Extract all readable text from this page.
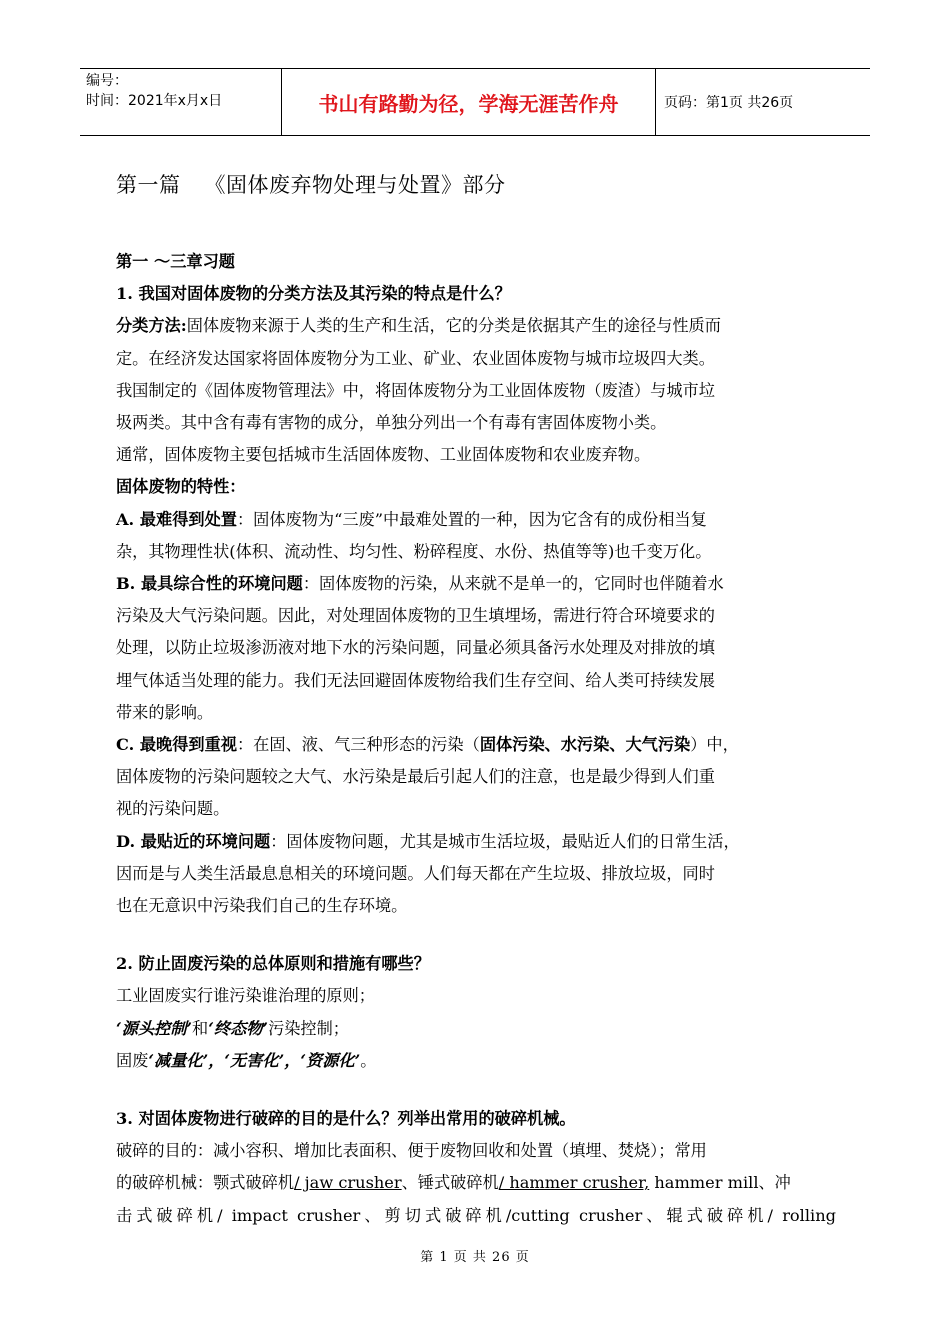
编号：
时间：2021年x月x日	书山有路勤为径，学海无涯苦作舟	页码：第1页 共26页
第一篇 《固体废弃物处理与处置》部分

第一 ～三章习题

1. 我国对固体废物的分类方法及其污染的特点是什么？

分类方法:固体废物来源于人类的生产和生活，它的分类是依据其产生的途径与性质而

定。在经济发达国家将固体废物分为工业、矿业、农业固体废物与城市垃圾四大类。

我国制定的《固体废物管理法》中，将固体废物分为工业固体废物（废渣）与城市垃

圾两类。其中含有毒有害物的成分，单独分列出一个有毒有害固体废物小类。

通常，固体废物主要包括城市生活固体废物、工业固体废物和农业废弃物。

固体废物的特性：

A. 最难得到处置：固体废物为“三废”中最难处置的一种，因为它含有的成份相当复

杂，其物理性状(体积、流动性、均匀性、粉碎程度、水份、热值等等)也千变万化。

B. 最具综合性的环境问题：固体废物的污染，从来就不是单一的，它同时也伴随着水

污染及大气污染问题。因此，对处理固体废物的卫生填埋场，需进行符合环境要求的

处理，以防止垃圾渗沥液对地下水的污染问题，同量必须具备污水处理及对排放的填

埋气体适当处理的能力。我们无法回避固体废物给我们生存空间、给人类可持续发展

带来的影响。

C. 最晚得到重视：在固、液、气三种形态的污染（固体污染、水污染、大气污染）中，

固体废物的污染问题较之大气、水污染是最后引起人们的注意，也是最少得到人们重

视的污染问题。

D. 最贴近的环境问题：固体废物问题，尤其是城市生活垃圾，最贴近人们的日常生活，

因而是与人类生活最息息相关的环境问题。人们每天都在产生垃圾、排放垃圾，同时

也在无意识中污染我们自己的生存环境。

2. 防止固废污染的总体原则和措施有哪些？

工业固废实行谁污染谁治理的原则；

‘源头控制’和‘终态物’污染控制；

固废‘减量化’，‘无害化’，‘资源化’。

3. 对固体废物进行破碎的目的是什么？列举出常用的破碎机械。

破碎的目的：减小容积、增加比表面积、便于废物回收和处置（填埋、焚烧）；常用

的破碎机械：颚式破碎机/ jaw crusher、锤式破碎机/ hammer crusher, hammer mill、冲

击式破碎机/ impact crusher、剪切式破碎机/cutting crusher、辊式破碎机/ rolling

第 1 页 共 26 页
